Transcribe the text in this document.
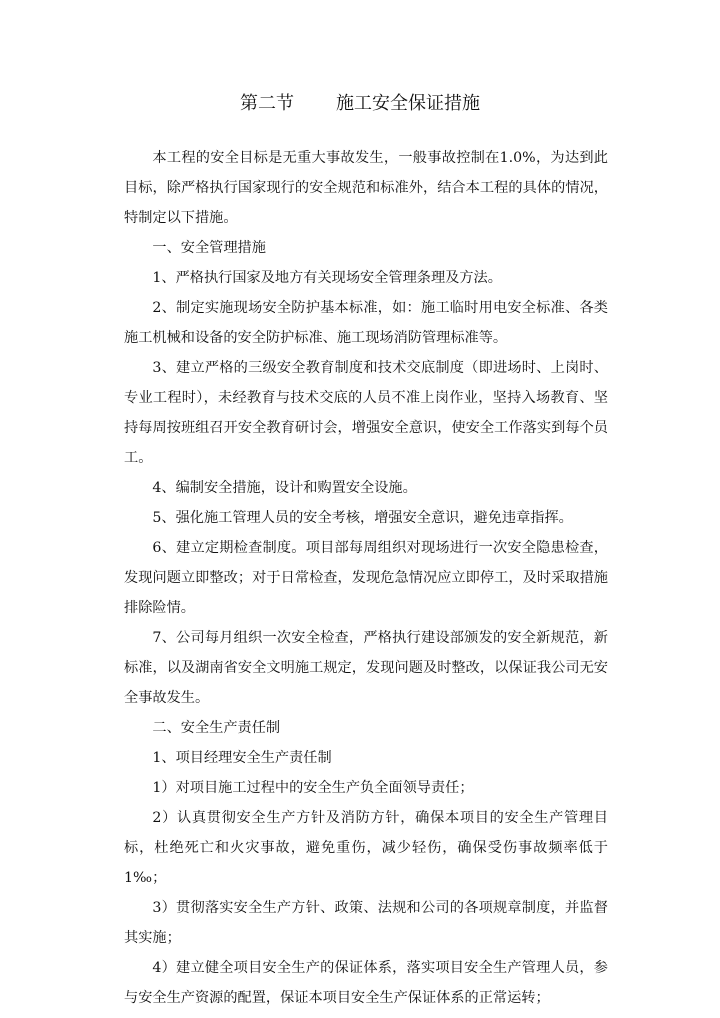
第二节 施工安全保证措施

本工程的安全目标是无重大事故发生，一般事故控制在1.0%，为达到此目标，除严格执行国家现行的安全规范和标准外，结合本工程的具体的情况，特制定以下措施。

一、安全管理措施

1、严格执行国家及地方有关现场安全管理条理及方法。

2、制定实施现场安全防护基本标准，如：施工临时用电安全标准、各类施工机械和设备的安全防护标准、施工现场消防管理标准等。

3、建立严格的三级安全教育制度和技术交底制度（即进场时、上岗时、专业工程时），未经教育与技术交底的人员不准上岗作业，坚持入场教育、坚持每周按班组召开安全教育研讨会，增强安全意识，使安全工作落实到每个员工。

4、编制安全措施，设计和购置安全设施。

5、强化施工管理人员的安全考核，增强安全意识，避免违章指挥。

6、建立定期检查制度。项目部每周组织对现场进行一次安全隐患检查，发现问题立即整改；对于日常检查，发现危急情况应立即停工，及时采取措施排除险情。

7、公司每月组织一次安全检查，严格执行建设部颁发的安全新规范，新标准，以及湖南省安全文明施工规定，发现问题及时整改，以保证我公司无安全事故发生。

二、安全生产责任制

1、项目经理安全生产责任制

1）对项目施工过程中的安全生产负全面领导责任；

2）认真贯彻安全生产方针及消防方针，确保本项目的安全生产管理目标，杜绝死亡和火灾事故，避免重伤，减少轻伤，确保受伤事故频率低于1‰；

3）贯彻落实安全生产方针、政策、法规和公司的各项规章制度，并监督其实施；

4）建立健全项目安全生产的保证体系，落实项目安全生产管理人员，参与安全生产资源的配置，保证本项目安全生产保证体系的正常运转；
